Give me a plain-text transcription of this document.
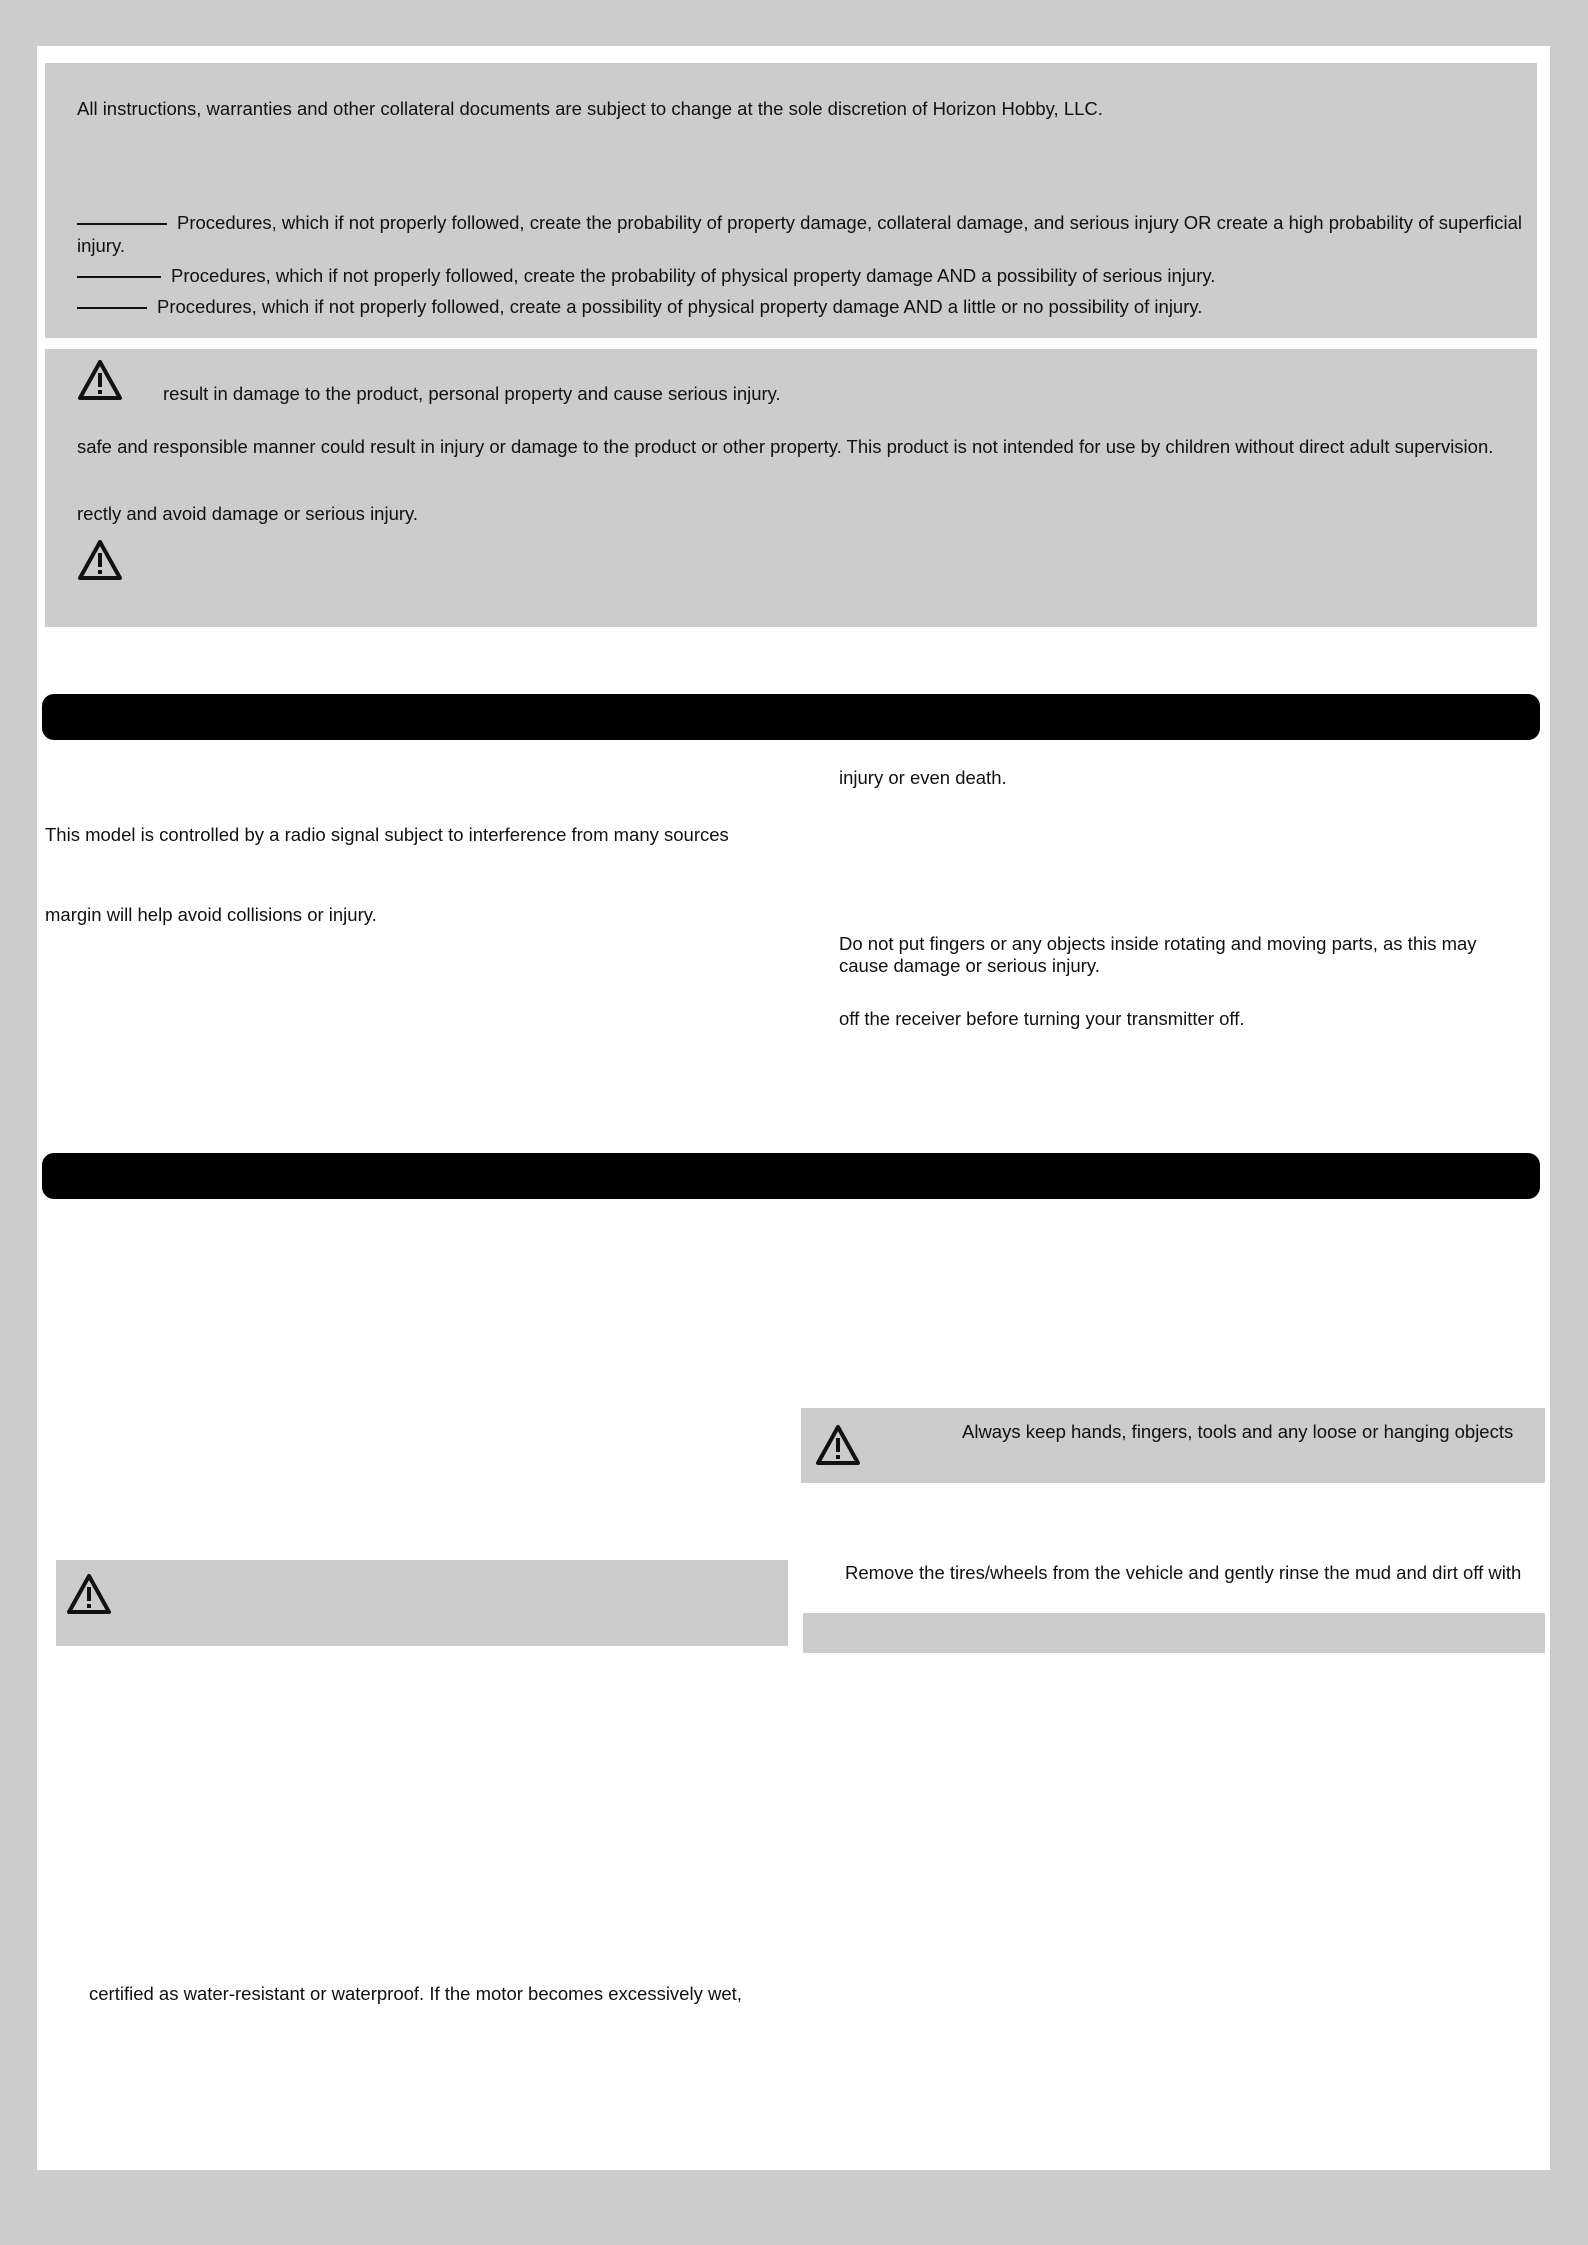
All instructions, warranties and other collateral documents are subject to change at the sole discretion of Horizon Hobby, LLC.
Procedures, which if not properly followed, create the probability of property damage, collateral damage, and serious injury OR create a high probability of superficial
injury.
Procedures, which if not properly followed, create the probability of physical property damage AND a possibility of serious injury.
Procedures, which if not properly followed, create a possibility of physical property damage AND a little or no possibility of injury.
result in damage to the product, personal property and cause serious injury.
safe and responsible manner could result in injury or damage to the product or other property. This product is not intended for use by children without direct adult supervision.
rectly and avoid damage or serious injury.
injury or even death.
This model is controlled by a radio signal subject to interference from many sources
margin will help avoid collisions or injury.
Do not put fingers or any objects inside rotating and moving parts, as this may
cause damage or serious injury.
off the receiver before turning your transmitter off.
Always keep hands, fingers, tools and any loose or hanging objects
Remove the tires/wheels from the vehicle and gently rinse the mud and dirt off with
certified as water-resistant or waterproof. If the motor becomes excessively wet,
